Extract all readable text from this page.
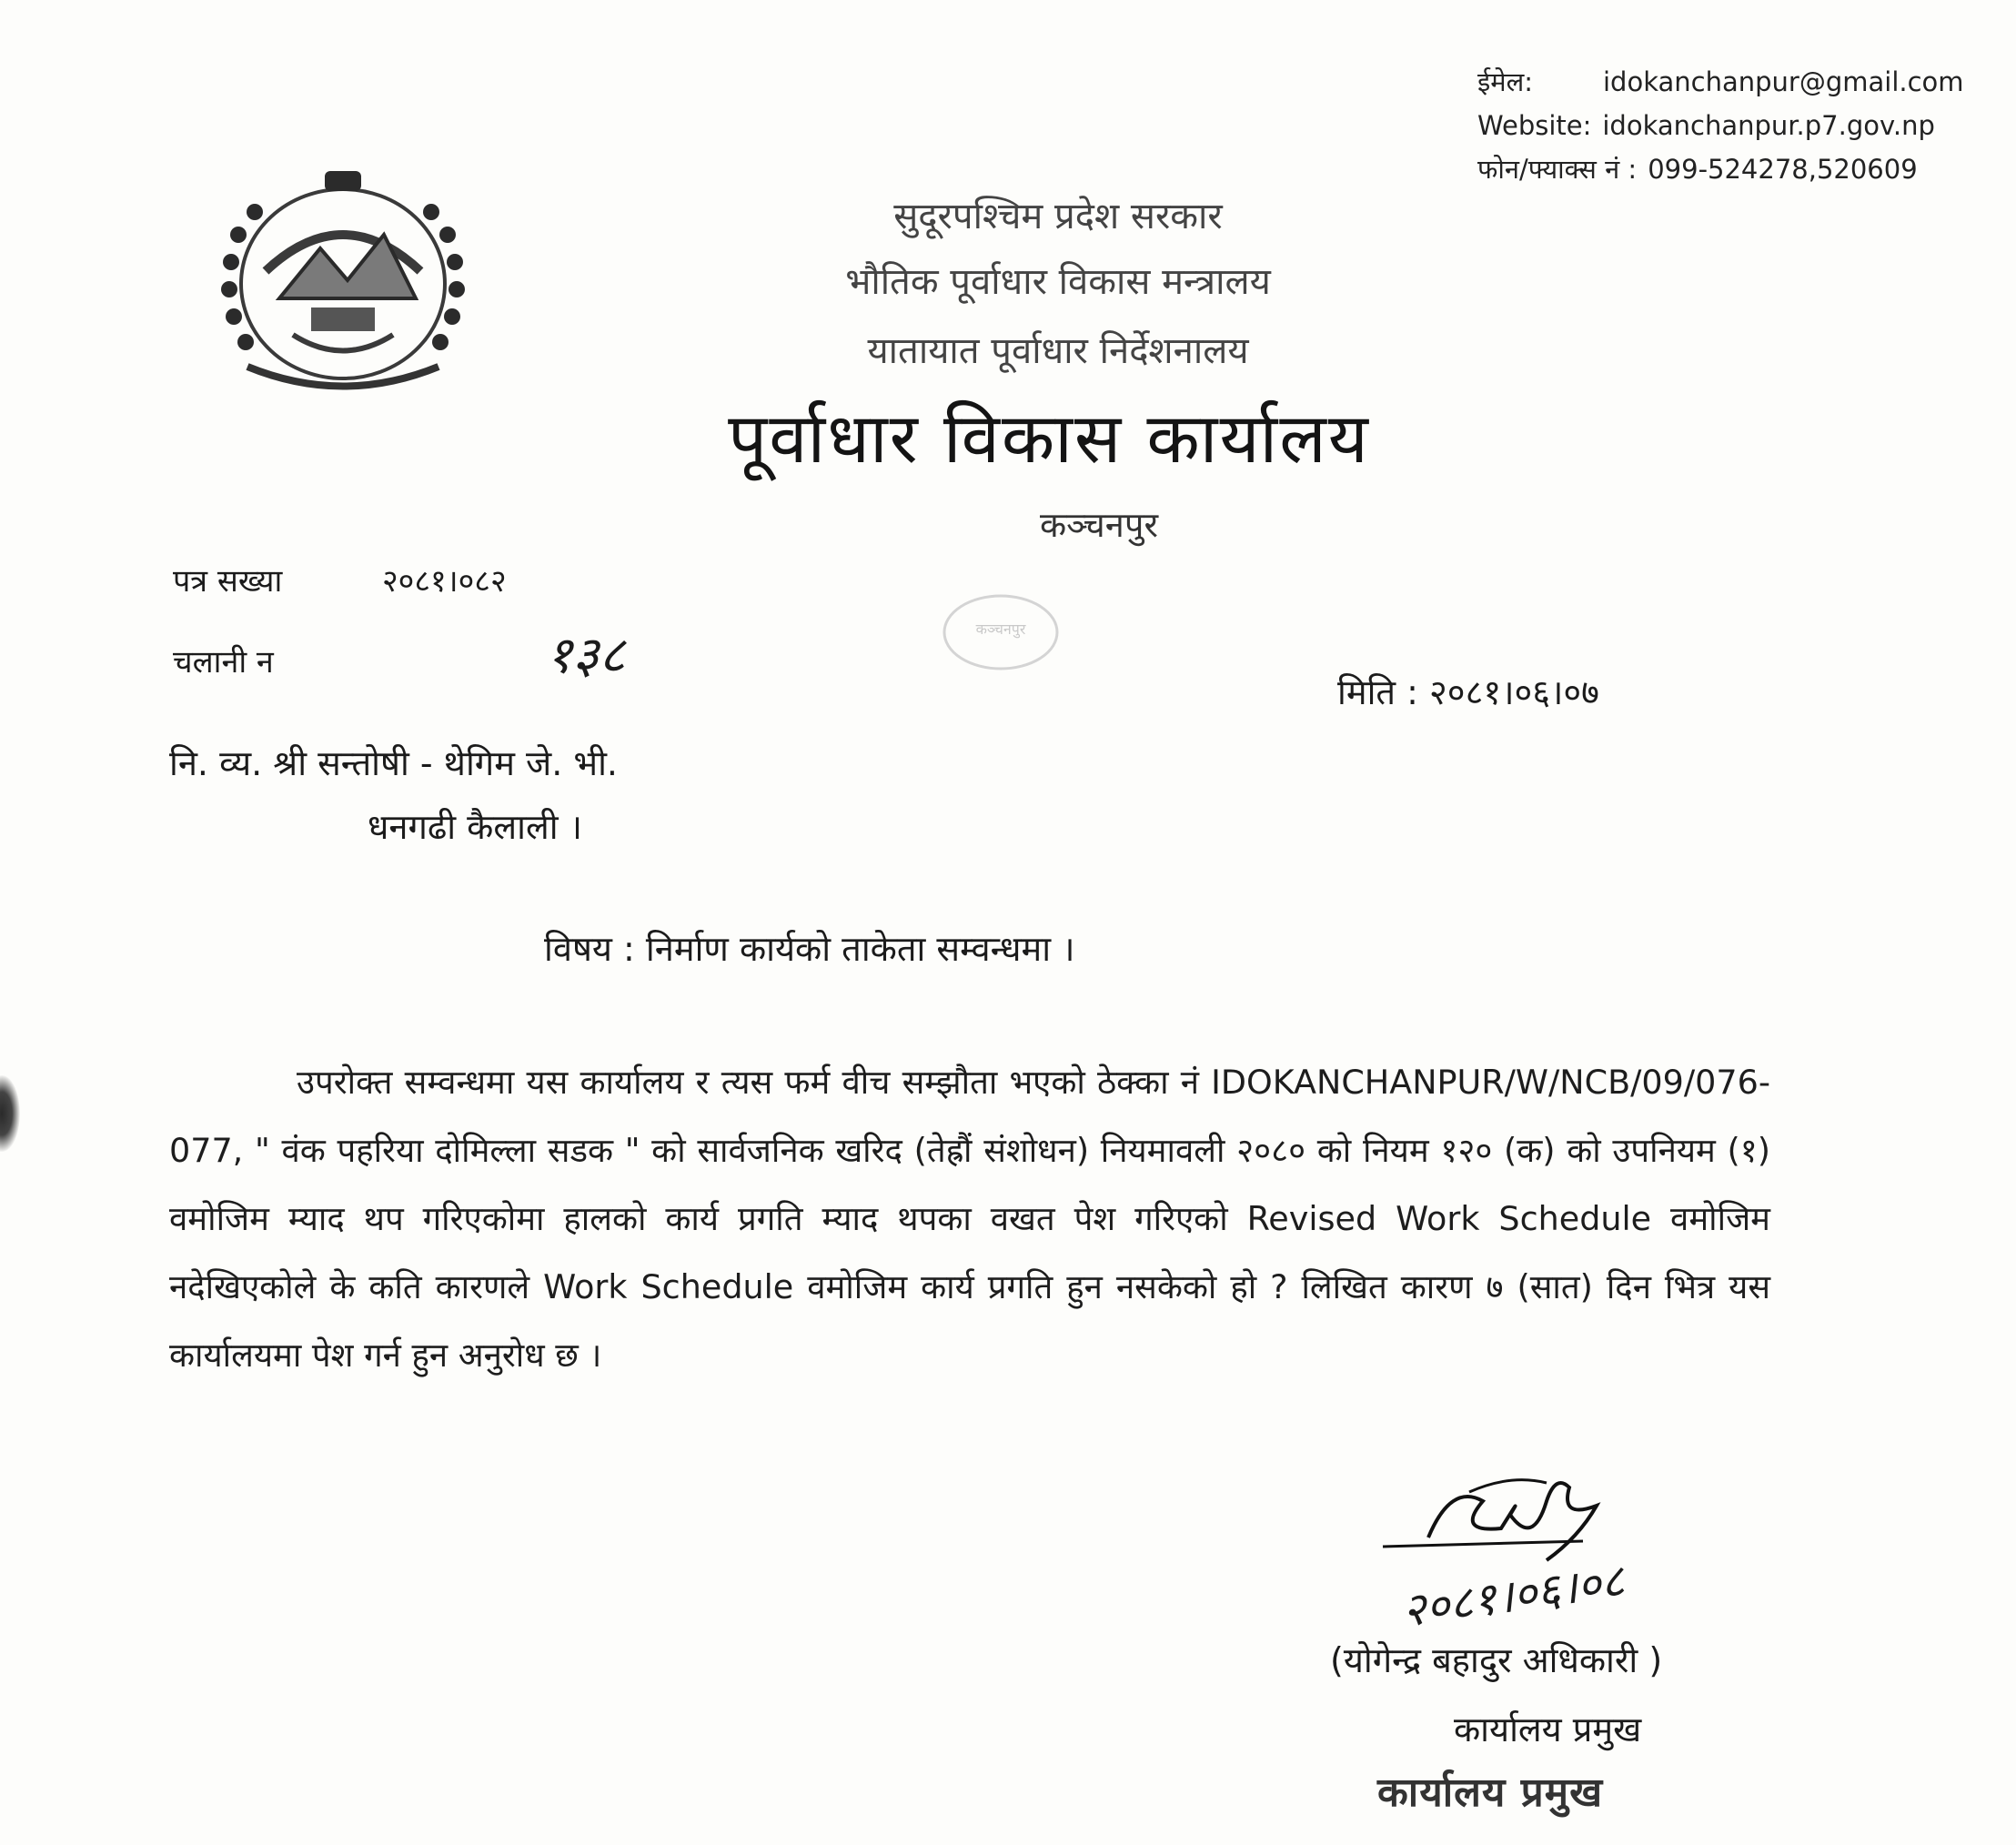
ईमेल:	idokanchanpur@gmail.com
Website: idokanchanpur.p7.gov.np
फोन/फ्याक्स नं : 099-524278,520609
सुदूरपश्चिम प्रदेश सरकार
भौतिक पूर्वाधार विकास मन्त्रालय
यातायात पूर्वाधार निर्देशनालय
पूर्वाधार विकास कार्यालय
कञ्चनपुर
कञ्चनपुर
पत्र सख्या	२०८१।०८२
चलानी न	१३८
मिति : २०८१।०६।०७
नि. व्य. श्री सन्तोषी - थेगिम जे. भी.
धनगढी कैलाली ।
विषय : निर्माण कार्यको ताकेता सम्वन्धमा ।
उपरोक्त सम्वन्धमा यस कार्यालय र त्यस फर्म वीच सम्झौता भएको ठेक्का नं IDOKANCHANPUR/W/NCB/09/076-077, " वंक पहरिया दोमिल्ला सडक " को सार्वजनिक खरिद (तेह्रौं संशोधन) नियमावली २०८० को नियम १२० (क) को उपनियम (१) वमोजिम म्याद थप गरिएकोमा हालको कार्य प्रगति म्याद थपका वखत पेश गरिएको Revised Work Schedule वमोजिम नदेखिएकोले के कति कारणले Work Schedule वमोजिम कार्य प्रगति हुन नसकेको हो ? लिखित कारण ७ (सात) दिन भित्र यस कार्यालयमा पेश गर्न हुन अनुरोध छ ।
२०८१।०६।०८
(योगेन्द्र बहादुर अधिकारी )
कार्यालय प्रमुख
कार्यालय प्रमुख
